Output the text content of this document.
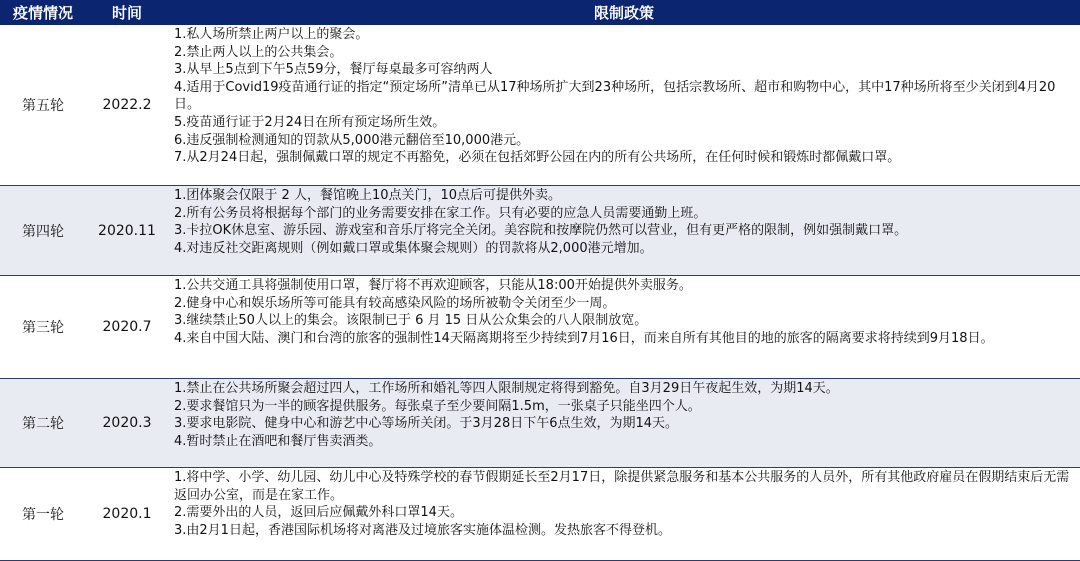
疫情情况	时间	限制政策
第五轮	2022.2
1.私人场所禁止两户以上的聚会。
2.禁止两人以上的公共集会。
3.从早上5点到下午5点59分，餐厅每桌最多可容纳两人
4.适用于Covid19疫苗通行证的指定“预定场所”清单已从17种场所扩大到23种场所，包括宗教场所、超市和购物中心，其中17种场所将至少关闭到4月20日。
5.疫苗通行证于2月24日在所有预定场所生效。
6.违反强制检测通知的罚款从5,000港元翻倍至10,000港元。
7.从2月24日起，强制佩戴口罩的规定不再豁免，必须在包括郊野公园在内的所有公共场所，在任何时候和锻炼时都佩戴口罩。
第四轮	2020.11
1.团体聚会仅限于 2 人，餐馆晚上10点关门，10点后可提供外卖。
2.所有公务员将根据每个部门的业务需要安排在家工作。只有必要的应急人员需要通勤上班。
3.卡拉OK休息室、游乐园、游戏室和音乐厅将完全关闭。美容院和按摩院仍然可以营业，但有更严格的限制，例如强制戴口罩。
4.对违反社交距离规则（例如戴口罩或集体聚会规则）的罚款将从2,000港元增加。
第三轮	2020.7
1.公共交通工具将强制使用口罩，餐厅将不再欢迎顾客，只能从18:00开始提供外卖服务。
2.健身中心和娱乐场所等可能具有较高感染风险的场所被勒令关闭至少一周。
3.继续禁止50人以上的集会。该限制已于 6 月 15 日从公众集会的八人限制放宽。
4.来自中国大陆、澳门和台湾的旅客的强制性14天隔离期将至少持续到7月16日，而来自所有其他目的地的旅客的隔离要求将持续到9月18日。
第二轮	2020.3
1.禁止在公共场所聚会超过四人，工作场所和婚礼等四人限制规定将得到豁免。自3月29日午夜起生效，为期14天。
2.要求餐馆只为一半的顾客提供服务。每张桌子至少要间隔1.5m，一张桌子只能坐四个人。
3.要求电影院、健身中心和游艺中心等场所关闭。于3月28日下午6点生效，为期14天。
4.暂时禁止在酒吧和餐厅售卖酒类。
第一轮	2020.1
1.将中学、小学、幼儿园、幼儿中心及特殊学校的春节假期延长至2月17日，除提供紧急服务和基本公共服务的人员外，所有其他政府雇员在假期结束后无需返回办公室，而是在家工作。
2.需要外出的人员，返回后应佩戴外科口罩14天。
3.由2月1日起，香港国际机场将对离港及过境旅客实施体温检测。发热旅客不得登机。
